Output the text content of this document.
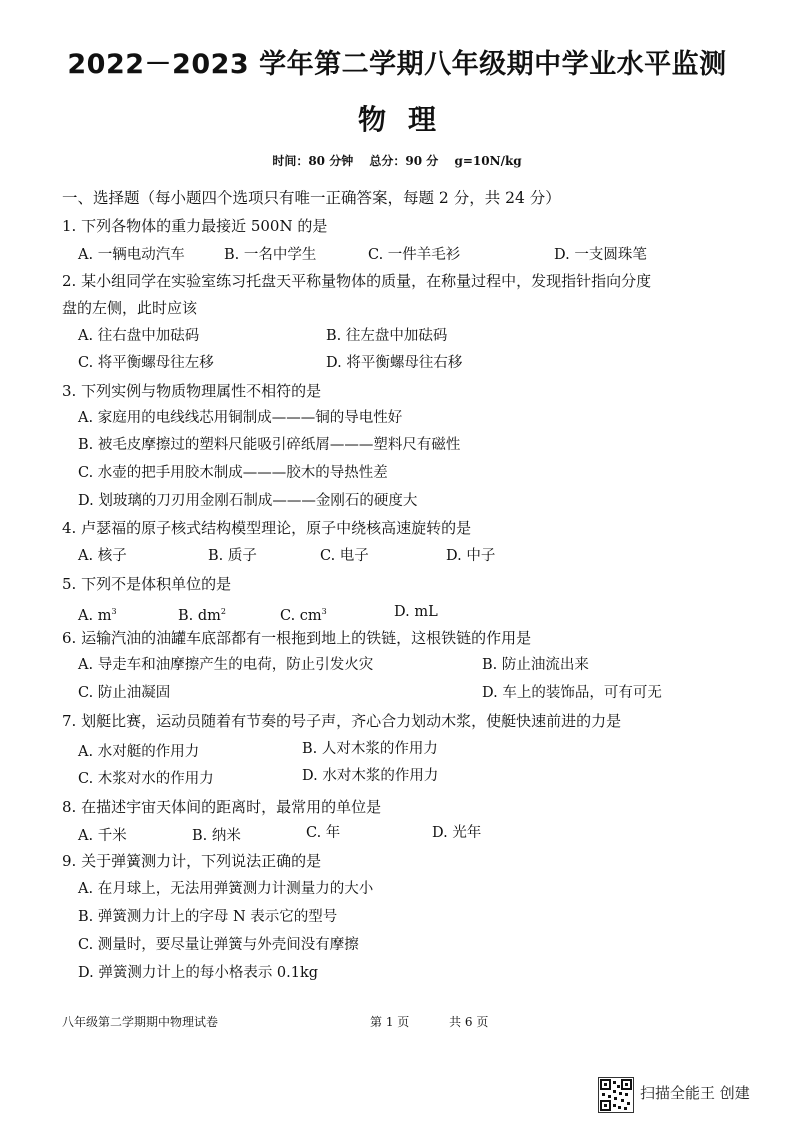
2022－2023 学年第二学期八年级期中学业水平监测
物理
时间：80 分钟 总分：90 分 g=10N/kg
一、选择题（每小题四个选项只有唯一正确答案，每题 2 分，共 24 分）
1. 下列各物体的重力最接近 500N 的是
A. 一辆电动汽车	B. 一名中学生	C. 一件羊毛衫	D. 一支圆珠笔
2. 某小组同学在实验室练习托盘天平称量物体的质量，在称量过程中，发现指针指向分度
盘的左侧，此时应该
A. 往右盘中加砝码	B. 往左盘中加砝码
C. 将平衡螺母往左移	D. 将平衡螺母往右移
3. 下列实例与物质物理属性不相符的是
A. 家庭用的电线线芯用铜制成———铜的导电性好
B. 被毛皮摩擦过的塑料尺能吸引碎纸屑———塑料尺有磁性
C. 水壶的把手用胶木制成———胶木的导热性差
D. 划玻璃的刀刃用金刚石制成———金刚石的硬度大
4. 卢瑟福的原子核式结构模型理论，原子中绕核高速旋转的是
A. 核子	B. 质子	C. 电子	D. 中子
5. 下列不是体积单位的是
A. $m^3$	B. $dm^2$	C. $cm^3$	D. mL
6. 运输汽油的油罐车底部都有一根拖到地上的铁链，这根铁链的作用是
A. 导走车和油摩擦产生的电荷，防止引发火灾	B. 防止油流出来
C. 防止油凝固	D. 车上的装饰品，可有可无
7. 划艇比赛，运动员随着有节奏的号子声，齐心合力划动木浆，使艇快速前进的力是
A. 水对艇的作用力	B. 人对木浆的作用力
C. 木浆对水的作用力	D. 水对木浆的作用力
8. 在描述宇宙天体间的距离时，最常用的单位是
A. 千米	B. 纳米	C. 年	D. 光年
9. 关于弹簧测力计，下列说法正确的是
A. 在月球上，无法用弹簧测力计测量力的大小
B. 弹簧测力计上的字母 N 表示它的型号
C. 测量时，要尽量让弹簧与外壳间没有摩擦
D. 弹簧测力计上的每小格表示 0.1kg
八年级第二学期期中物理试卷	第 1 页	共 6 页
扫描全能王 创建
